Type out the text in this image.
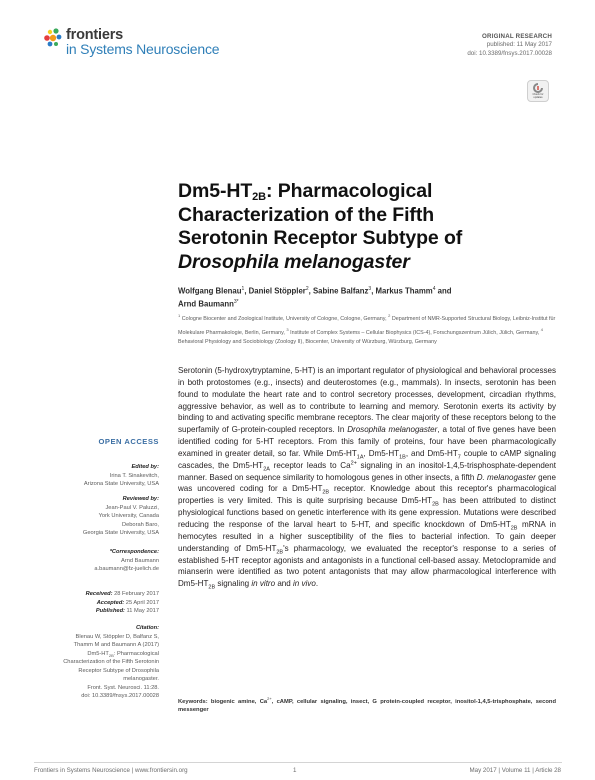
frontiers
in Systems Neuroscience
ORIGINAL RESEARCH
published: 11 May 2017
doi: 10.3389/fnsys.2017.00028
Check for
updates
$Dm5-HT_{2B}$: Pharmacological Characterization of the Fifth Serotonin Receptor Subtype of Drosophila melanogaster
Wolfgang Blenau$^1$, Daniel Stöppler$^2$, Sabine Balfanz$^3$, Markus Thamm$^4$ and
Arnd Baumann$^{3*}$
$^1$ Cologne Biocenter and Zoological Institute, University of Cologne, Cologne, Germany, $^2$ Department of NMR-Supported Structural Biology, Leibniz-Institut für Molekulare Pharmakologie, Berlin, Germany, $^3$ Institute of Complex Systems – Cellular Biophysics (ICS-4), Forschungszentrum Jülich, Jülich, Germany, $^4$ Behavioral Physiology and Sociobiology (Zoology II), Biocenter, University of Würzburg, Würzburg, Germany
Serotonin (5-hydroxytryptamine, 5-HT) is an important regulator of physiological and behavioral processes in both protostomes (e.g., insects) and deuterostomes (e.g., mammals). In insects, serotonin has been found to modulate the heart rate and to control secretory processes, development, circadian rhythms, aggressive behavior, as well as to contribute to learning and memory. Serotonin exerts its activity by binding to and activating specific membrane receptors. The clear majority of these receptors belong to the superfamily of G-protein-coupled receptors. In Drosophila melanogaster, a total of five genes have been identified coding for 5-HT receptors. From this family of proteins, four have been pharmacologically examined in greater detail, so far. While $Dm5-HT_{1A}$, $Dm5-HT_{1B}$, and $Dm5-HT_7$ couple to cAMP signaling cascades, the $Dm5-HT_{2A}$ receptor leads to $Ca^{2+}$ signaling in an inositol-1,4,5-trisphosphate-dependent manner. Based on sequence similarity to homologous genes in other insects, a fifth D. melanogaster gene was uncovered coding for a $Dm5-HT_{2B}$ receptor. Knowledge about this receptor's pharmacological properties is very limited. This is quite surprising because $Dm5-HT_{2B}$ has been attributed to distinct physiological functions based on genetic interference with its gene expression. Mutations were described reducing the response of the larval heart to 5-HT, and specific knockdown of $Dm5-HT_{2B}$ mRNA in hemocytes resulted in a higher susceptibility of the flies to bacterial infection. To gain deeper understanding of $Dm5-HT_{2B}'s$ pharmacology, we evaluated the receptor's response to a series of established 5-HT receptor agonists and antagonists in a functional cell-based assay. Metoclopramide and mianserin were identified as two potent antagonists that may allow pharmacological interference with $Dm5-HT_{2B}$ signaling in vitro and in vivo.
Keywords: biogenic amine, $Ca^{2+}$, cAMP, cellular signaling, insect, G protein-coupled receptor, inositol-1,4,5-trisphosphate, second messenger
OPEN ACCESS
Edited by:
Irina T. Sinakevitch,
Arizona State University, USA
Reviewed by:
Jean-Paul V. Paluzzi,
York University, Canada
Deborah Baro,
Georgia State University, USA
*Correspondence:
Arnd Baumann
a.baumann@fz-juelich.de
Received: 28 February 2017
Accepted: 25 April 2017
Published: 11 May 2017
Citation:
Blenau W, Stöppler D, Balfanz S,
Thamm M and Baumann A (2017)
$Dm5-HT_{2B}$: Pharmacological
Characterization of the Fifth Serotonin
Receptor Subtype of Drosophila
melanogaster.
Front. Syst. Neurosci. 11:28.
doi: 10.3389/fnsys.2017.00028
Frontiers in Systems Neuroscience | www.frontiersin.org	1	May 2017 | Volume 11 | Article 28
